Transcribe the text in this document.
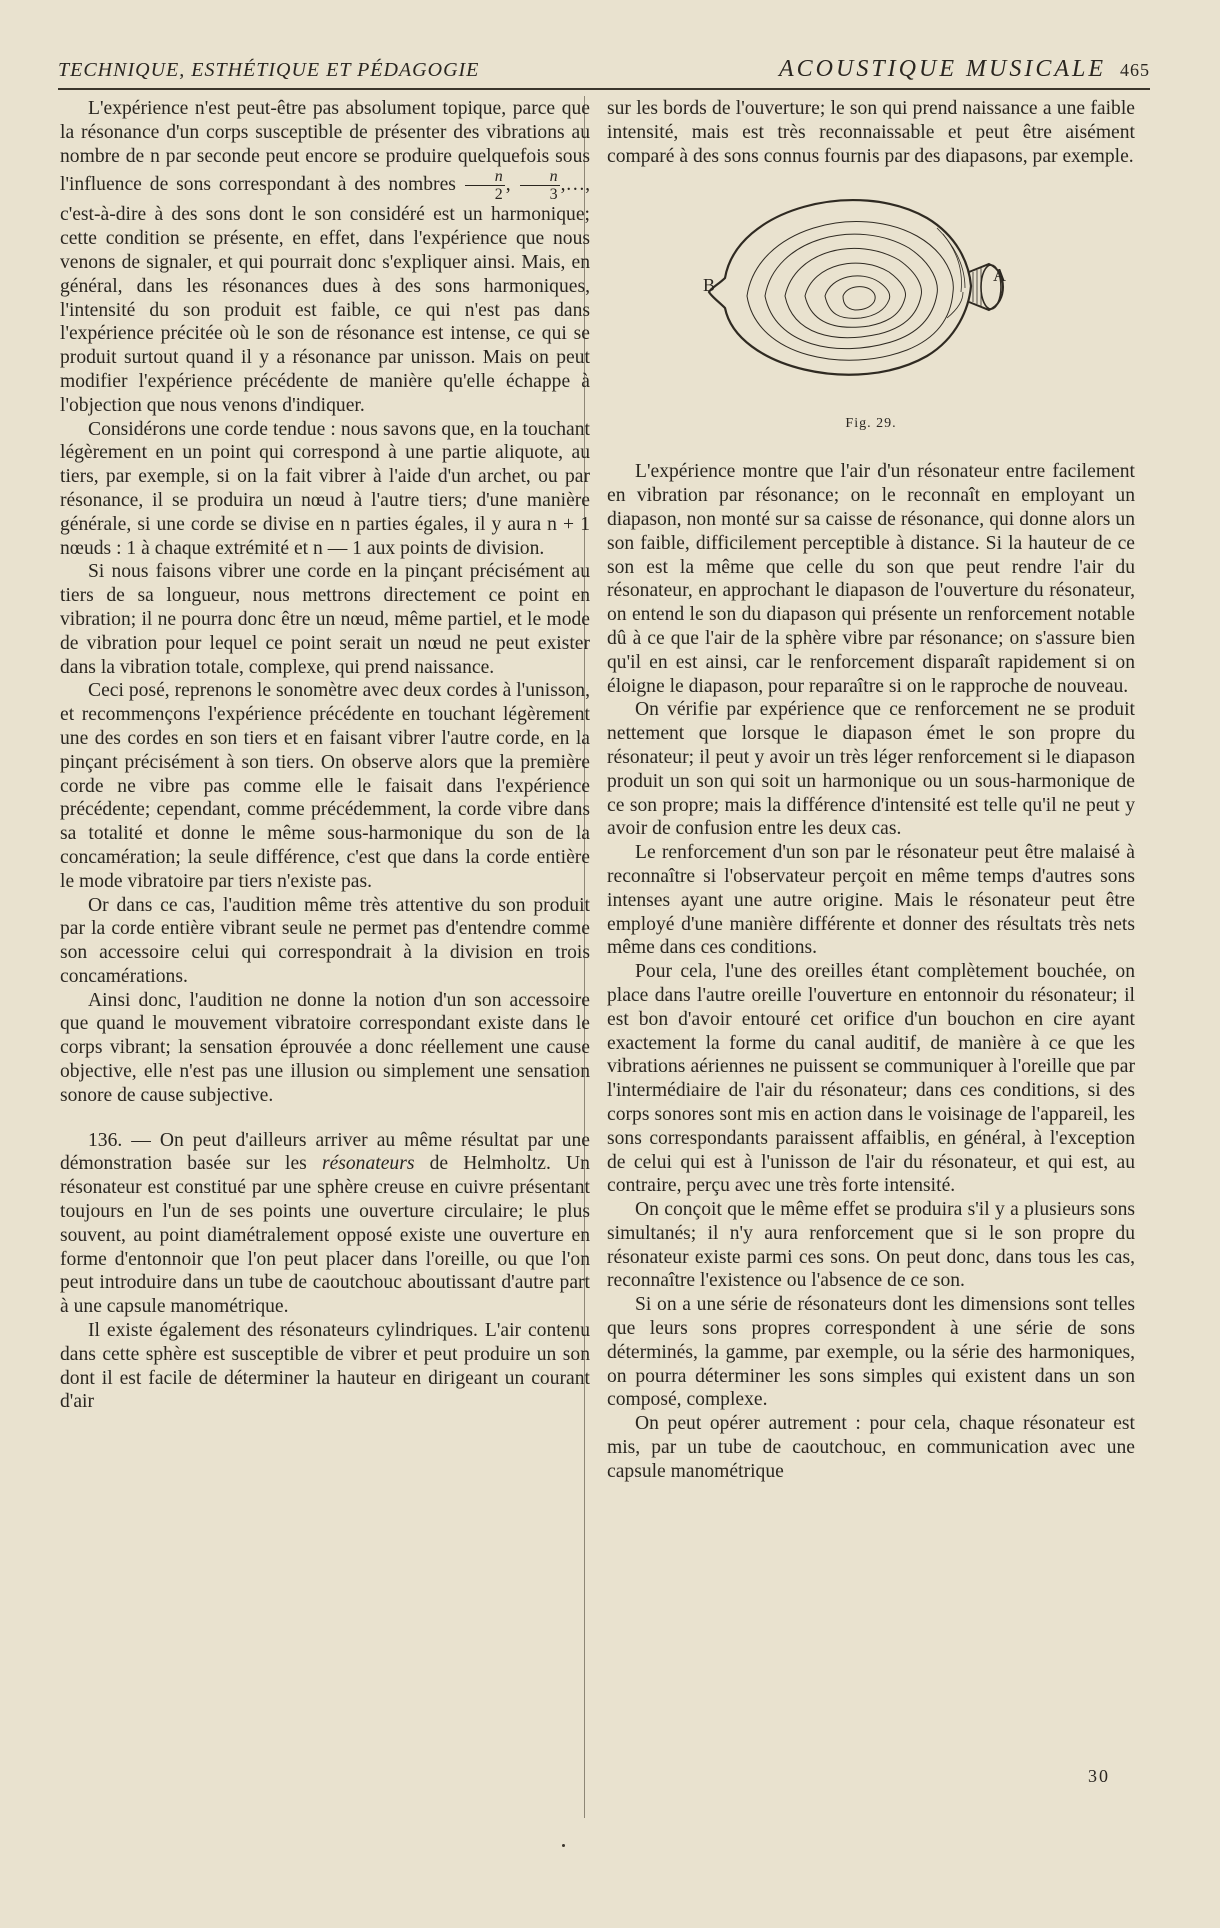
TECHNIQUE, ESTHÉTIQUE ET PÉDAGOGIE	ACOUSTIQUE MUSICALE 465

L'expérience n'est peut-être pas absolument topique, parce que la résonance d'un corps susceptible de présenter des vibrations au nombre de n par seconde peut encore se produire quelquefois sous l'influence de sons correspondant à des nombres $\frac{n}{2}$ , $\frac{n}{3}$ ,…, c'est-à-dire à des sons dont le son considéré est un harmonique; cette condition se présente, en effet, dans l'expérience que nous venons de signaler, et qui pourrait donc s'expliquer ainsi. Mais, en général, dans les résonances dues à des sons harmoniques, l'intensité du son produit est faible, ce qui n'est pas dans l'expérience précitée où le son de résonance est intense, ce qui se produit surtout quand il y a résonance par unisson. Mais on peut modifier l'expérience précédente de manière qu'elle échappe à l'objection que nous venons d'indiquer.

Considérons une corde tendue : nous savons que, en la touchant légèrement en un point qui correspond à une partie aliquote, au tiers, par exemple, si on la fait vibrer à l'aide d'un archet, ou par résonance, il se produira un nœud à l'autre tiers; d'une manière générale, si une corde se divise en n parties égales, il y aura n + 1 nœuds : 1 à chaque extrémité et n — 1 aux points de division.

Si nous faisons vibrer une corde en la pinçant précisément au tiers de sa longueur, nous mettrons directement ce point en vibration; il ne pourra donc être un nœud, même partiel, et le mode de vibration pour lequel ce point serait un nœud ne peut exister dans la vibration totale, complexe, qui prend naissance.

Ceci posé, reprenons le sonomètre avec deux cordes à l'unisson, et recommençons l'expérience précédente en touchant légèrement une des cordes en son tiers et en faisant vibrer l'autre corde, en la pinçant précisément à son tiers. On observe alors que la première corde ne vibre pas comme elle le faisait dans l'expérience précédente; cependant, comme précédemment, la corde vibre dans sa totalité et donne le même sous-harmonique du son de la concamération; la seule différence, c'est que dans la corde entière le mode vibratoire par tiers n'existe pas.

Or dans ce cas, l'audition même très attentive du son produit par la corde entière vibrant seule ne permet pas d'entendre comme son accessoire celui qui correspondrait à la division en trois concamérations.

Ainsi donc, l'audition ne donne la notion d'un son accessoire que quand le mouvement vibratoire correspondant existe dans le corps vibrant; la sensation éprouvée a donc réellement une cause objective, elle n'est pas une illusion ou simplement une sensation sonore de cause subjective.

136. — On peut d'ailleurs arriver au même résultat par une démonstration basée sur les résonateurs de Helmholtz. Un résonateur est constitué par une sphère creuse en cuivre présentant toujours en l'un de ses points une ouverture circulaire; le plus souvent, au point diamétralement opposé existe une ouverture en forme d'entonnoir que l'on peut placer dans l'oreille, ou que l'on peut introduire dans un tube de caoutchouc aboutissant d'autre part à une capsule manométrique.

Il existe également des résonateurs cylindriques. L'air contenu dans cette sphère est susceptible de vibrer et peut produire un son dont il est facile de déterminer la hauteur en dirigeant un courant d'air

sur les bords de l'ouverture; le son qui prend naissance a une faible intensité, mais est très reconnaissable et peut être aisément comparé à des sons connus fournis par des diapasons, par exemple.

B	A
Fig. 29.

L'expérience montre que l'air d'un résonateur entre facilement en vibration par résonance; on le reconnaît en employant un diapason, non monté sur sa caisse de résonance, qui donne alors un son faible, difficilement perceptible à distance. Si la hauteur de ce son est la même que celle du son que peut rendre l'air du résonateur, en approchant le diapason de l'ouverture du résonateur, on entend le son du diapason qui présente un renforcement notable dû à ce que l'air de la sphère vibre par résonance; on s'assure bien qu'il en est ainsi, car le renforcement disparaît rapidement si on éloigne le diapason, pour reparaître si on le rapproche de nouveau.

On vérifie par expérience que ce renforcement ne se produit nettement que lorsque le diapason émet le son propre du résonateur; il peut y avoir un très léger renforcement si le diapason produit un son qui soit un harmonique ou un sous-harmonique de ce son propre; mais la différence d'intensité est telle qu'il ne peut y avoir de confusion entre les deux cas.

Le renforcement d'un son par le résonateur peut être malaisé à reconnaître si l'observateur perçoit en même temps d'autres sons intenses ayant une autre origine. Mais le résonateur peut être employé d'une manière différente et donner des résultats très nets même dans ces conditions.

Pour cela, l'une des oreilles étant complètement bouchée, on place dans l'autre oreille l'ouverture en entonnoir du résonateur; il est bon d'avoir entouré cet orifice d'un bouchon en cire ayant exactement la forme du canal auditif, de manière à ce que les vibrations aériennes ne puissent se communiquer à l'oreille que par l'intermédiaire de l'air du résonateur; dans ces conditions, si des corps sonores sont mis en action dans le voisinage de l'appareil, les sons correspondants paraissent affaiblis, en général, à l'exception de celui qui est à l'unisson de l'air du résonateur, et qui est, au contraire, perçu avec une très forte intensité.

On conçoit que le même effet se produira s'il y a plusieurs sons simultanés; il n'y aura renforcement que si le son propre du résonateur existe parmi ces sons. On peut donc, dans tous les cas, reconnaître l'existence ou l'absence de ce son.

Si on a une série de résonateurs dont les dimensions sont telles que leurs sons propres correspondent à une série de sons déterminés, la gamme, par exemple, ou la série des harmoniques, on pourra déterminer les sons simples qui existent dans un son composé, complexe.

On peut opérer autrement : pour cela, chaque résonateur est mis, par un tube de caoutchouc, en communication avec une capsule manométrique

30
